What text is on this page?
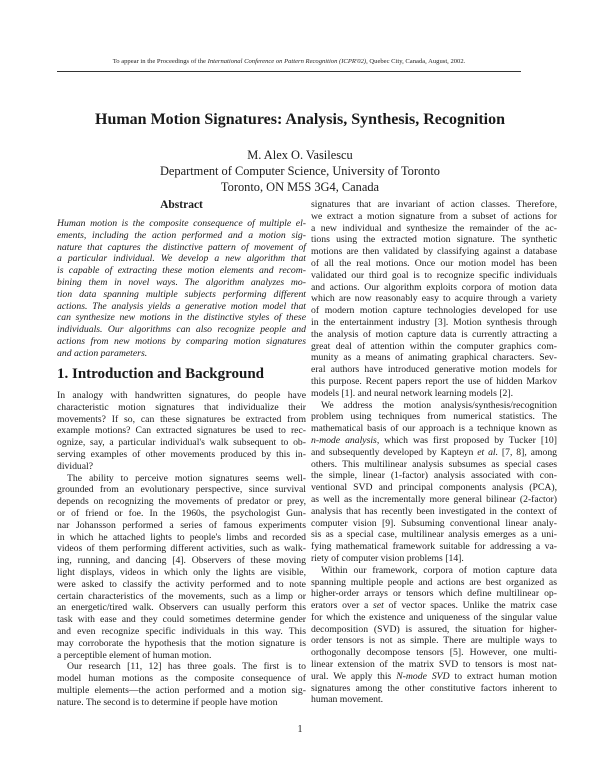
To appear in the Proceedings of the International Conference on Pattern Recognition (ICPR'02), Quebec City, Canada, August, 2002.
Human Motion Signatures: Analysis, Synthesis, Recognition
M. Alex O. Vasilescu
Department of Computer Science, University of Toronto
Toronto, ON M5S 3G4, Canada
Abstract
Human motion is the composite consequence of multiple el-
ements, including the action performed and a motion sig-
nature that captures the distinctive pattern of movement of
a particular individual. We develop a new algorithm that
is capable of extracting these motion elements and recom-
bining them in novel ways. The algorithm analyzes mo-
tion data spanning multiple subjects performing different
actions. The analysis yields a generative motion model that
can synthesize new motions in the distinctive styles of these
individuals. Our algorithms can also recognize people and
actions from new motions by comparing motion signatures
and action parameters.
1. Introduction and Background
In analogy with handwritten signatures, do people have
characteristic motion signatures that individualize their
movements? If so, can these signatures be extracted from
example motions? Can extracted signatures be used to rec-
ognize, say, a particular individual's walk subsequent to ob-
serving examples of other movements produced by this in-
dividual?
The ability to perceive motion signatures seems well-
grounded from an evolutionary perspective, since survival
depends on recognizing the movements of predator or prey,
or of friend or foe. In the 1960s, the psychologist Gun-
nar Johansson performed a series of famous experiments
in which he attached lights to people's limbs and recorded
videos of them performing different activities, such as walk-
ing, running, and dancing [4]. Observers of these moving
light displays, videos in which only the lights are visible,
were asked to classify the activity performed and to note
certain characteristics of the movements, such as a limp or
an energetic/tired walk. Observers can usually perform this
task with ease and they could sometimes determine gender
and even recognize specific individuals in this way. This
may corroborate the hypothesis that the motion signature is
a perceptible element of human motion.
Our research [11, 12] has three goals. The first is to
model human motions as the composite consequence of
multiple elements—the action performed and a motion sig-
nature. The second is to determine if people have motion
signatures that are invariant of action classes. Therefore,
we extract a motion signature from a subset of actions for
a new individual and synthesize the remainder of the ac-
tions using the extracted motion signature. The synthetic
motions are then validated by classifying against a database
of all the real motions. Once our motion model has been
validated our third goal is to recognize specific individuals
and actions. Our algorithm exploits corpora of motion data
which are now reasonably easy to acquire through a variety
of modern motion capture technologies developed for use
in the entertainment industry [3]. Motion synthesis through
the analysis of motion capture data is currently attracting a
great deal of attention within the computer graphics com-
munity as a means of animating graphical characters. Sev-
eral authors have introduced generative motion models for
this purpose. Recent papers report the use of hidden Markov
models [1]. and neural network learning models [2].
We address the motion analysis/synthesis/recognition
problem using techniques from numerical statistics. The
mathematical basis of our approach is a technique known as
n-mode analysis, which was first proposed by Tucker [10]
and subsequently developed by Kapteyn et al. [7, 8], among
others. This multilinear analysis subsumes as special cases
the simple, linear (1-factor) analysis associated with con-
ventional SVD and principal components analysis (PCA),
as well as the incrementally more general bilinear (2-factor)
analysis that has recently been investigated in the context of
computer vision [9]. Subsuming conventional linear analy-
sis as a special case, multilinear analysis emerges as a uni-
fying mathematical framework suitable for addressing a va-
riety of computer vision problems [14].
Within our framework, corpora of motion capture data
spanning multiple people and actions are best organized as
higher-order arrays or tensors which define multilinear op-
erators over a set of vector spaces. Unlike the matrix case
for which the existence and uniqueness of the singular value
decomposition (SVD) is assured, the situation for higher-
order tensors is not as simple. There are multiple ways to
orthogonally decompose tensors [5]. However, one multi-
linear extension of the matrix SVD to tensors is most nat-
ural. We apply this N-mode SVD to extract human motion
signatures among the other constitutive factors inherent to
human movement.
1
